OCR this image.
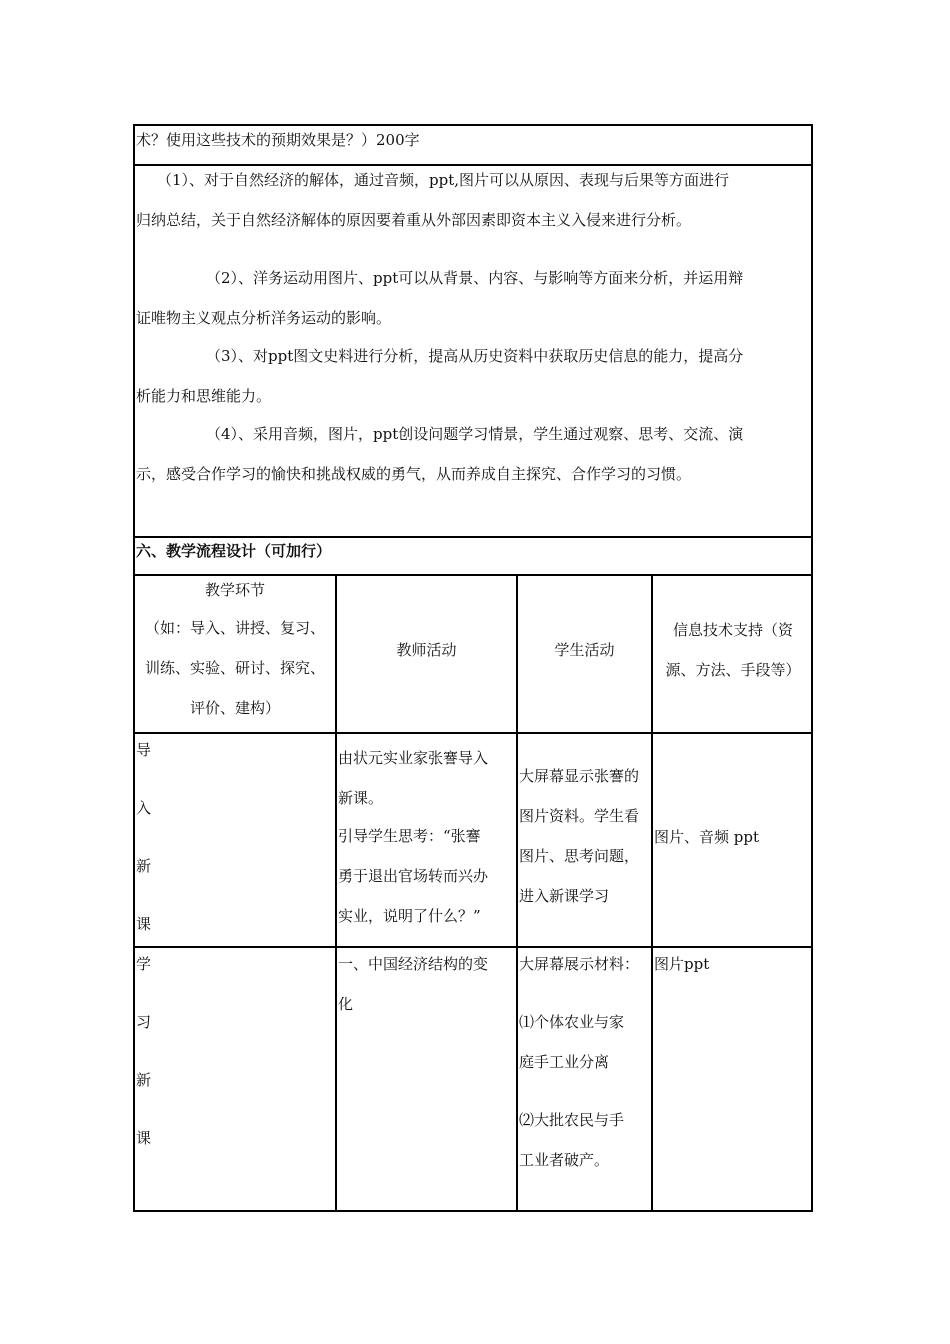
术？使用这些技术的预期效果是？）200字
（1）、对于自然经济的解体，通过音频，ppt,图片可以从原因、表现与后果等方面进行
归纳总结，关于自然经济解体的原因要着重从外部因素即资本主义入侵来进行分析。
（2）、洋务运动用图片、ppt可以从背景、内容、与影响等方面来分析，并运用辩
证唯物主义观点分析洋务运动的影响。
（3）、对ppt图文史料进行分析，提高从历史资料中获取历史信息的能力，提高分
析能力和思维能力。
（4）、采用音频，图片，ppt创设问题学习情景，学生通过观察、思考、交流、演
示，感受合作学习的愉快和挑战权威的勇气，从而养成自主探究、合作学习的习惯。
六、教学流程设计（可加行）
教学环节
（如：导入、讲授、复习、
训练、实验、研讨、探究、
评价、建构）
教师活动	学生活动
信息技术支持（资
源、方法、手段等）
导
入
新
课
由状元实业家张謇导入
新课。
引导学生思考：“张謇
勇于退出官场转而兴办
实业，说明了什么？”
大屏幕显示张謇的
图片资料。学生看
图片、思考问题，
进入新课学习
图片、音频 ppt
学
习
新
课
一、中国经济结构的变
化
大屏幕展示材料：
⑴个体农业与家
庭手工业分离
⑵大批农民与手
工业者破产。
图片ppt
